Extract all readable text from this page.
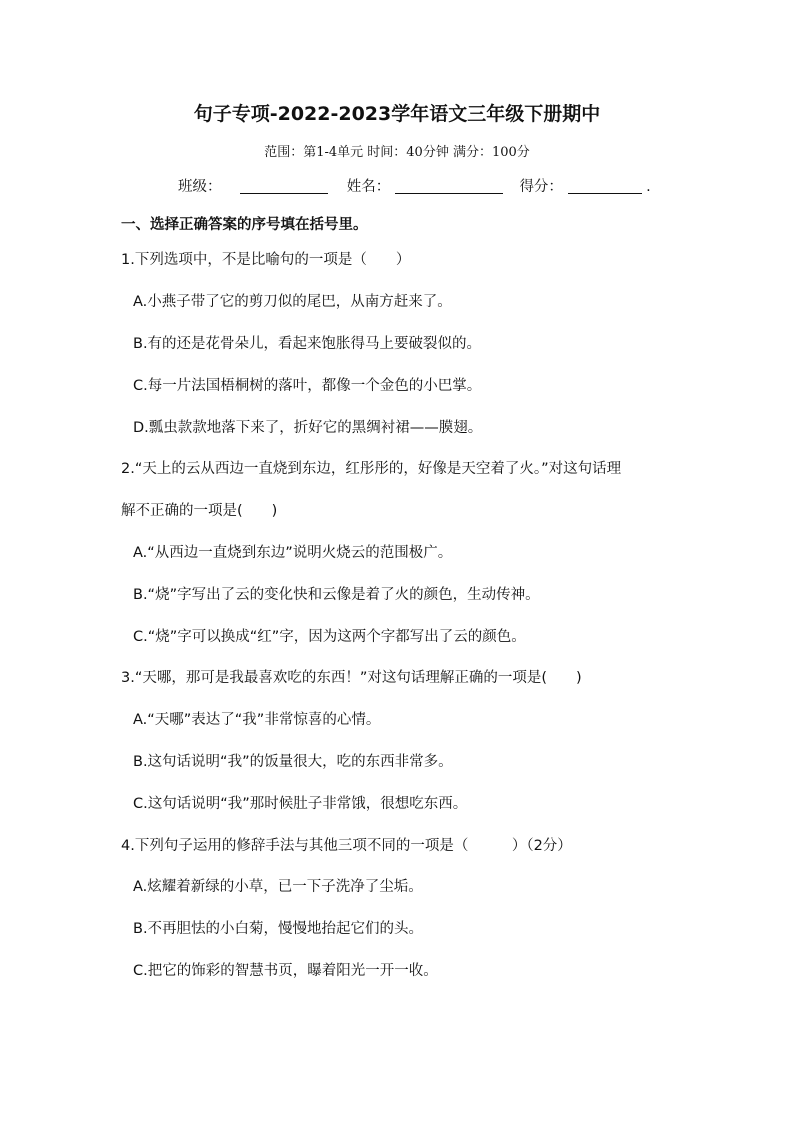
句子专项-2022-2023学年语文三年级下册期中
范围：第1-4单元 时间：40分钟 满分：100分
班级：	姓名：	得分：	.
一、选择正确答案的序号填在括号里。
1.下列选项中，不是比喻句的一项是（　　）
A.小燕子带了它的剪刀似的尾巴，从南方赶来了。
B.有的还是花骨朵儿，看起来饱胀得马上要破裂似的。
C.每一片法国梧桐树的落叶，都像一个金色的小巴掌。
D.瓢虫款款地落下来了，折好它的黑绸衬裙——膜翅。
2.“天上的云从西边一直烧到东边，红彤彤的，好像是天空着了火。”对这句话理
解不正确的一项是(　　)
A.“从西边一直烧到东边”说明火烧云的范围极广。
B.“烧”字写出了云的变化快和云像是着了火的颜色，生动传神。
C.“烧”字可以换成“红”字，因为这两个字都写出了云的颜色。
3.“天哪，那可是我最喜欢吃的东西！”对这句话理解正确的一项是(　　)
A.“天哪”表达了“我”非常惊喜的心情。
B.这句话说明“我”的饭量很大，吃的东西非常多。
C.这句话说明“我”那时候肚子非常饿，很想吃东西。
4.下列句子运用的修辞手法与其他三项不同的一项是（　　　）（2分）
A.炫耀着新绿的小草，已一下子洗净了尘垢。
B.不再胆怯的小白菊，慢慢地抬起它们的头。
C.把它的饰彩的智慧书页，曝着阳光一开一收。
